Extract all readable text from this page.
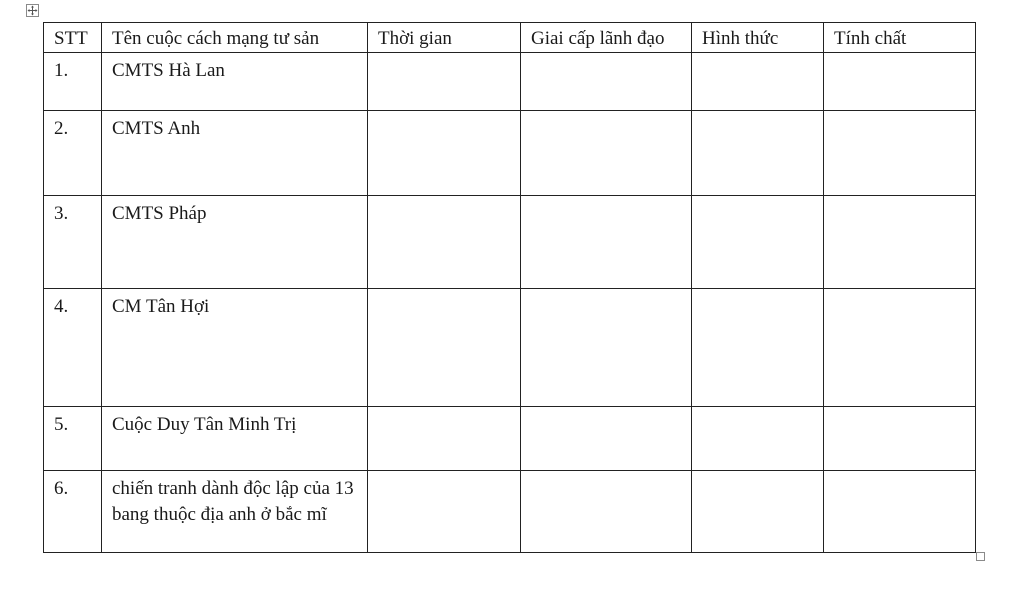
STT	Tên cuộc cách mạng tư sản	Thời gian	Giai cấp lãnh đạo	Hình thức	Tính chất
1.	CMTS Hà Lan				
2.	CMTS Anh				
3.	CMTS Pháp				
4.	CM Tân Hợi				
5.	Cuộc Duy Tân Minh Trị				
6.	chiến tranh dành độc lập của 13 bang thuộc địa anh ở bắc mĩ				
